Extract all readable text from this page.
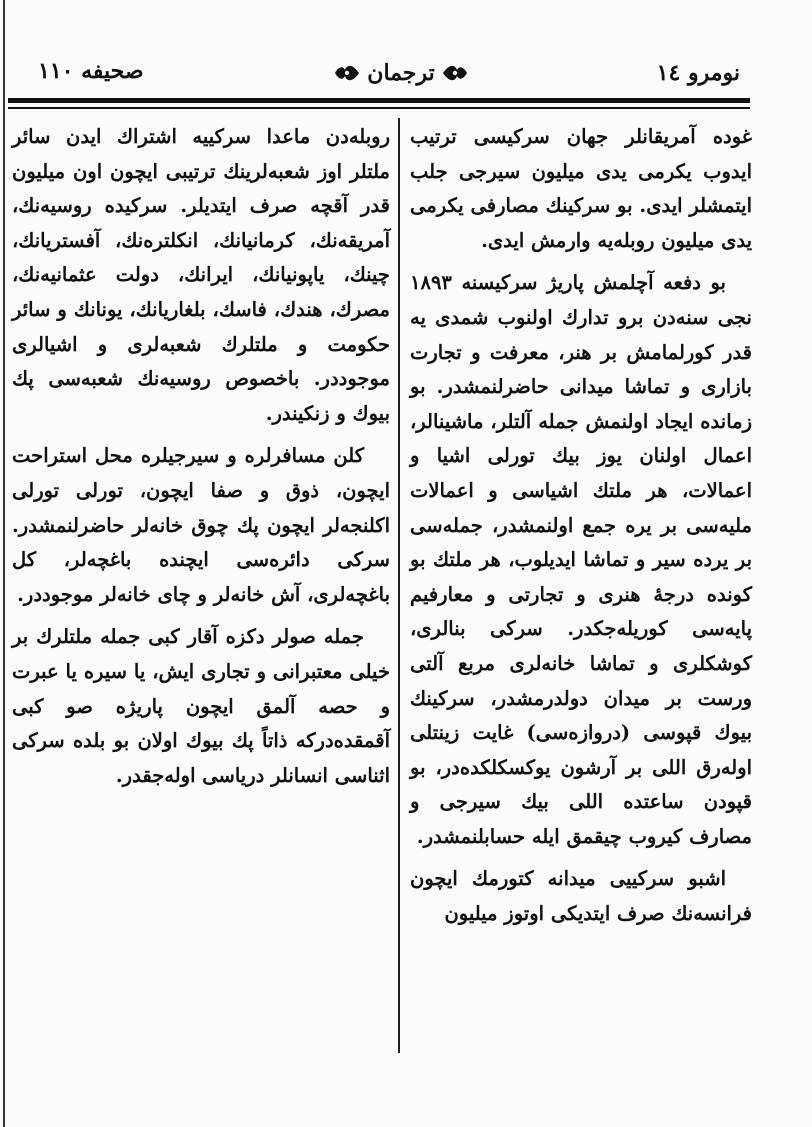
صحیفه ۱۱۰	ترجمان	نومرو ۱٤

غوده آمریقانلر جهان سرکیسی ترتیب ایدوب یکرمی یدی میلیون سیرجی جلب ایتمشلر ایدی. بو سرکینك مصارفی یکرمی یدی میلیون روبلەیه وارمش ایدی.

بو دفعه آچلمش پاریژ سرکیسنه ۱۸۹۳ نجی سنەدن برو تدارك اولنوب شمدی یه قدر کورلمامش بر هنر، معرفت و تجارت بازاری و تماشا میدانی حاضرلنمشدر. بو زمانده ایجاد اولنمش جمله آلتلر، ماشینالر، اعمال اولنان یوز بیك تورلی اشیا و اعمالات، هر ملتك اشیاسی و اعمالات ملیەسی بر یره جمع اولنمشدر، جملەسی بر یرده سیر و تماشا ایدیلوب، هر ملتك بو کونده درجۀ هنری و تجارتی و معارفیم پایەسی کوریلەجکدر. سرکی بنالری، کوشکلری و تماشا خانەلری مربع آلتی ورست بر میدان دولدرمشدر، سرکینك بیوك قپوسی (دروازەسی) غایت زینتلی اولەرق اللی بر آرشون یوکسکلکدەدر، بو قپودن ساعتده اللی بیك سیرجی و مصارف کیروب چیقمق ایله حسابلنمشدر.

اشبو سرکییی میدانه کتورمك ایچون فرانسەنك صرف ایتدیکی اوتوز میلیون

روبلەدن ماعدا سرکییه اشتراك ایدن سائر ملتلر اوز شعبەلرینك ترتیبی ایچون اون میلیون قدر آقچه صرف ایتدیلر. سرکیده روسیەنك، آمریقەنك، کرمانیانك، انکلترەنك، آفستریانك، چینك، یاپونیانك، ایرانك، دولت عثمانیەنك، مصرك، هندك، فاسك، بلغاریانك، یونانك و سائر حکومت و ملتلرك شعبەلری و اشیالری موجوددر. باخصوص روسیەنك شعبەسی پك بیوك و زنکیندر.

کلن مسافرلره و سیرجیلره محل استراحت ایچون، ذوق و صفا ایچون، تورلی تورلی اکلنجەلر ایچون پك چوق خانەلر حاضرلنمشدر. سرکی دائرەسی ایچنده باغچەلر، کل باغچەلری، آش خانەلر و چای خانەلر موجوددر.

جمله صولر دکزه آقار کبی جمله ملتلرك بر خیلی معتبرانی و تجاری ایش، یا سیره یا عبرت و حصه آلمق ایچون پاریژه صو کبی آقمقدەدرکه ذاتاً پك بیوك اولان بو بلده سرکی اثناسی انسانلر دریاسی اولەجقدر.
